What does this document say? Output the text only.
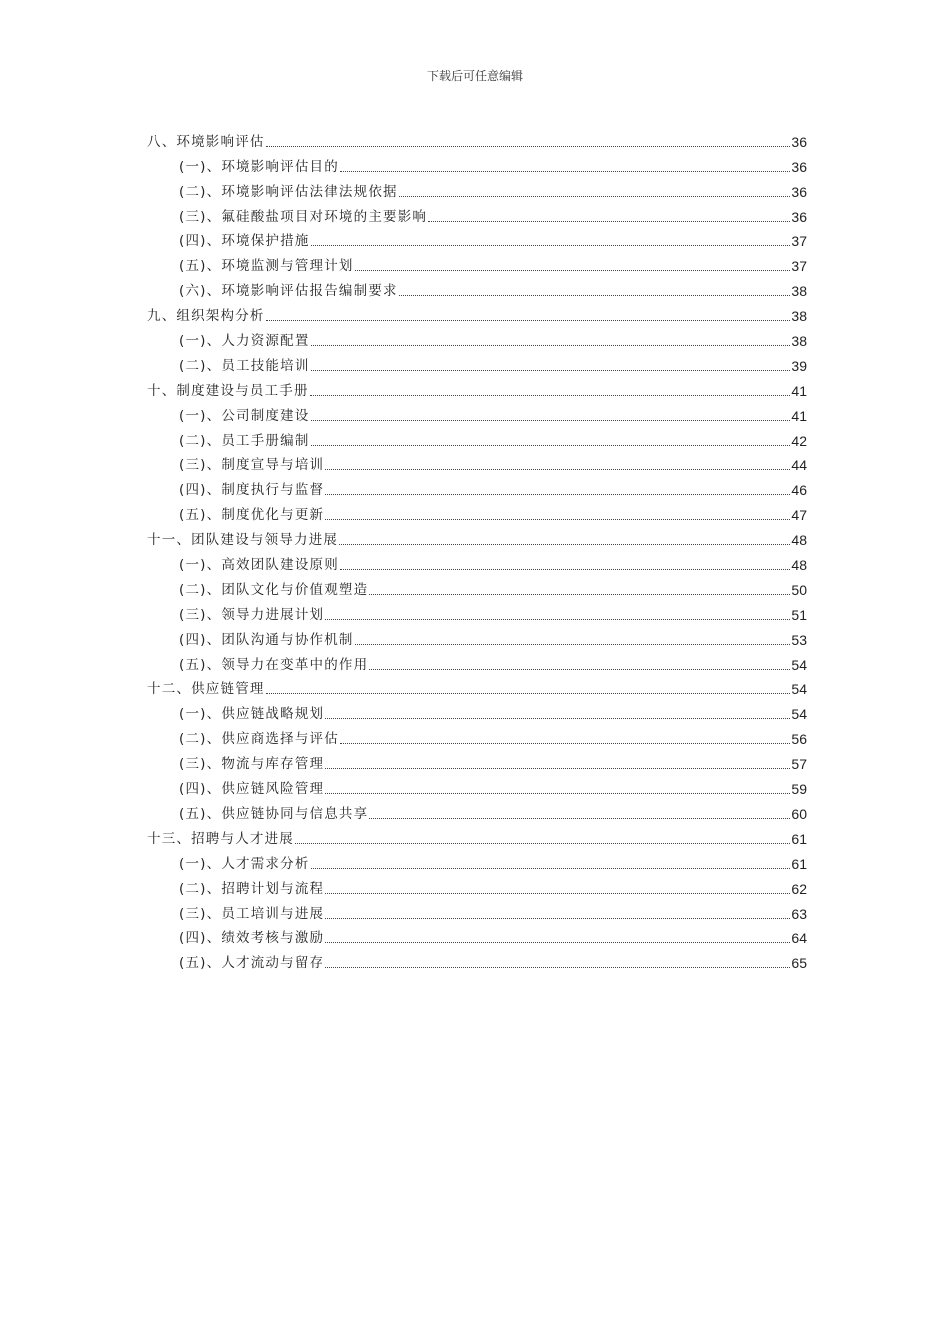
下载后可任意编辑
八、环境影响评估	36
(一)、环境影响评估目的	36
(二)、环境影响评估法律法规依据	36
(三)、氟硅酸盐项目对环境的主要影响	36
(四)、环境保护措施	37
(五)、环境监测与管理计划	37
(六)、环境影响评估报告编制要求	38
九、组织架构分析	38
(一)、人力资源配置	38
(二)、员工技能培训	39
十、制度建设与员工手册	41
(一)、公司制度建设	41
(二)、员工手册编制	42
(三)、制度宣导与培训	44
(四)、制度执行与监督	46
(五)、制度优化与更新	47
十一、团队建设与领导力进展	48
(一)、高效团队建设原则	48
(二)、团队文化与价值观塑造	50
(三)、领导力进展计划	51
(四)、团队沟通与协作机制	53
(五)、领导力在变革中的作用	54
十二、供应链管理	54
(一)、供应链战略规划	54
(二)、供应商选择与评估	56
(三)、物流与库存管理	57
(四)、供应链风险管理	59
(五)、供应链协同与信息共享	60
十三、招聘与人才进展	61
(一)、人才需求分析	61
(二)、招聘计划与流程	62
(三)、员工培训与进展	63
(四)、绩效考核与激励	64
(五)、人才流动与留存	65
